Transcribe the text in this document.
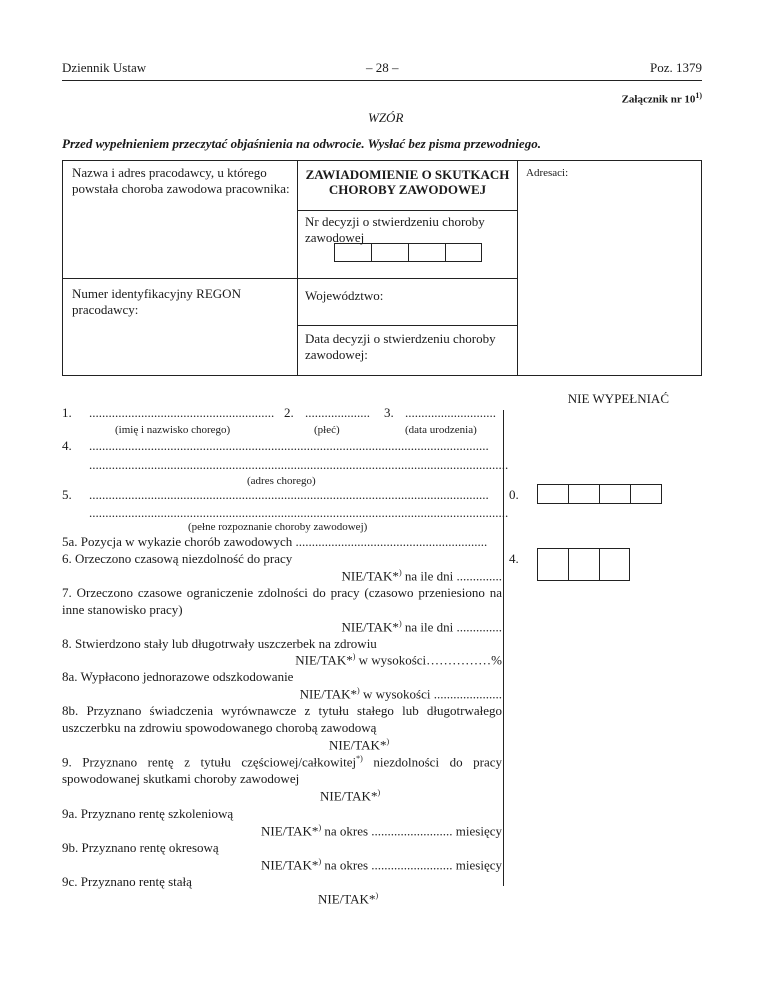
Dziennik Ustaw	– 28 –	Poz. 1379
Załącznik nr 10$^{1)}$
WZÓR
Przed wypełnieniem przeczytać objaśnienia na odwrocie. Wysłać bez pisma przewodniego.
Nazwa i adres pracodawcy, u którego powstała choroba zawodowa pracownika:
ZAWIADOMIENIE O SKUTKACH
CHOROBY ZAWODOWEJ
Adresaci:
Nr decyzji o stwierdzeniu choroby zawodowej
Numer identyfikacyjny REGON pracodawcy:
Województwo:
Data decyzji o stwierdzeniu choroby zawodowej:
NIE WYPEŁNIAĆ
1. ......................................................... 2. .................... 3. ............................
(imię i nazwisko chorego)	(płeć)	(data urodzenia)
4. ...........................................................................................................................
.................................................................................................................................
(adres chorego)
5. ...........................................................................................................................
.................................................................................................................................
(pełne rozpoznanie choroby zawodowej)
0.
4.
5a. Pozycja w wykazie chorób zawodowych ...........................................................
6. Orzeczono czasową niezdolność do pracy
NIE/TAK*) na ile dni ..............
7. Orzeczono czasowe ograniczenie zdolności do pracy (czasowo przeniesiono na
inne stanowisko pracy)
NIE/TAK*) na ile dni ..............
8. Stwierdzono stały lub długotrwały uszczerbek na zdrowiu
NIE/TAK*) w wysokości……………%
8a. Wypłacono jednorazowe odszkodowanie
NIE/TAK*) w wysokości .....................
8b. Przyznano świadczenia wyrównawcze z tytułu stałego lub długotrwałego
uszczerbku na zdrowiu spowodowanego chorobą zawodową
NIE/TAK*)
9. Przyznano rentę z tytułu częściowej/całkowitej*) niezdolności do pracy
spowodowanej skutkami choroby zawodowej
NIE/TAK*)
9a. Przyznano rentę szkoleniową
NIE/TAK*) na okres ......................... miesięcy
9b. Przyznano rentę okresową
NIE/TAK*) na okres ......................... miesięcy
9c. Przyznano rentę stałą
NIE/TAK*)
